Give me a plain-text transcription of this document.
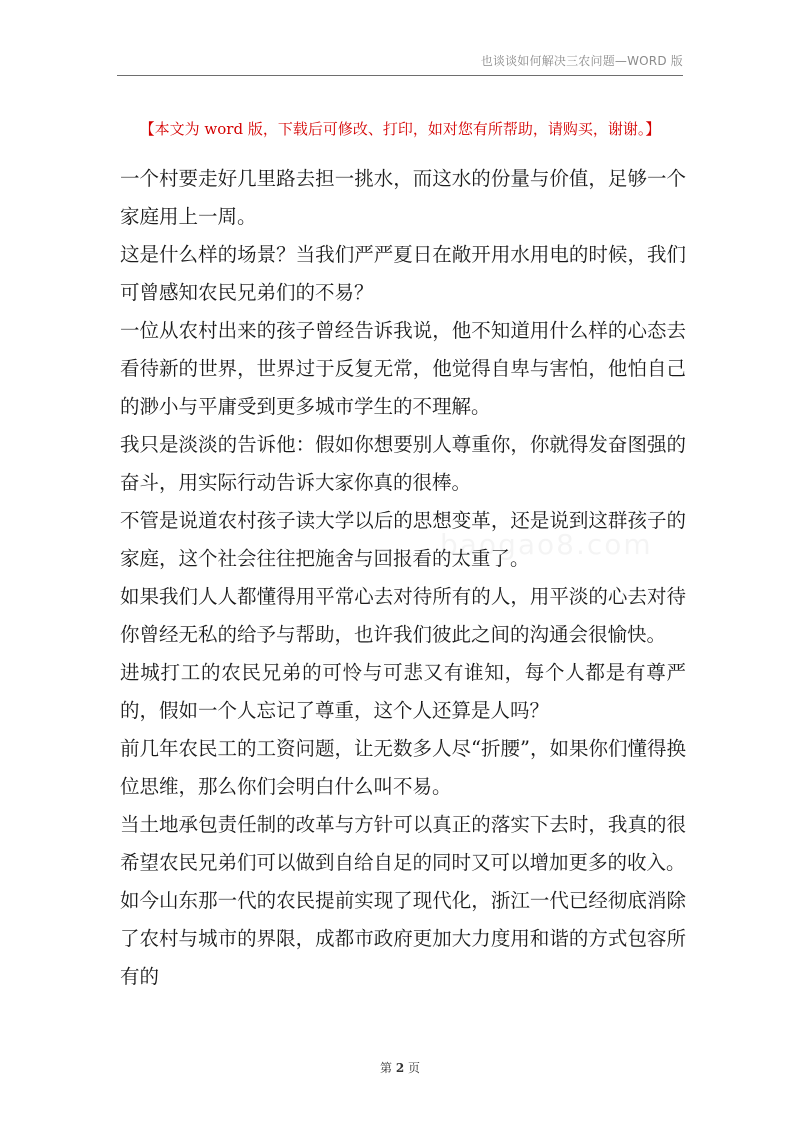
也谈谈如何解决三农问题—WORD 版
【本文为 word 版，下载后可修改、打印，如对您有所帮助，请购买，谢谢。】

一个村要走好几里路去担一挑水，而这水的份量与价值，足够一个家庭用上一周。

这是什么样的场景？当我们严严夏日在敞开用水用电的时候，我们可曾感知农民兄弟们的不易？

一位从农村出来的孩子曾经告诉我说，他不知道用什么样的心态去看待新的世界，世界过于反复无常，他觉得自卑与害怕，他怕自己的渺小与平庸受到更多城市学生的不理解。

我只是淡淡的告诉他：假如你想要别人尊重你，你就得发奋图强的奋斗，用实际行动告诉大家你真的很棒。

不管是说道农村孩子读大学以后的思想变革，还是说到这群孩子的家庭，这个社会往往把施舍与回报看的太重了。

如果我们人人都懂得用平常心去对待所有的人，用平淡的心去对待你曾经无私的给予与帮助，也许我们彼此之间的沟通会很愉快。

进城打工的农民兄弟的可怜与可悲又有谁知，每个人都是有尊严的，假如一个人忘记了尊重，这个人还算是人吗？

前几年农民工的工资问题，让无数多人尽“折腰”，如果你们懂得换位思维，那么你们会明白什么叫不易。

当土地承包责任制的改革与方针可以真正的落实下去时，我真的很希望农民兄弟们可以做到自给自足的同时又可以增加更多的收入。

如今山东那一代的农民提前实现了现代化，浙江一代已经彻底消除了农村与城市的界限，成都市政府更加大力度用和谐的方式包容所有的

第 2 页
